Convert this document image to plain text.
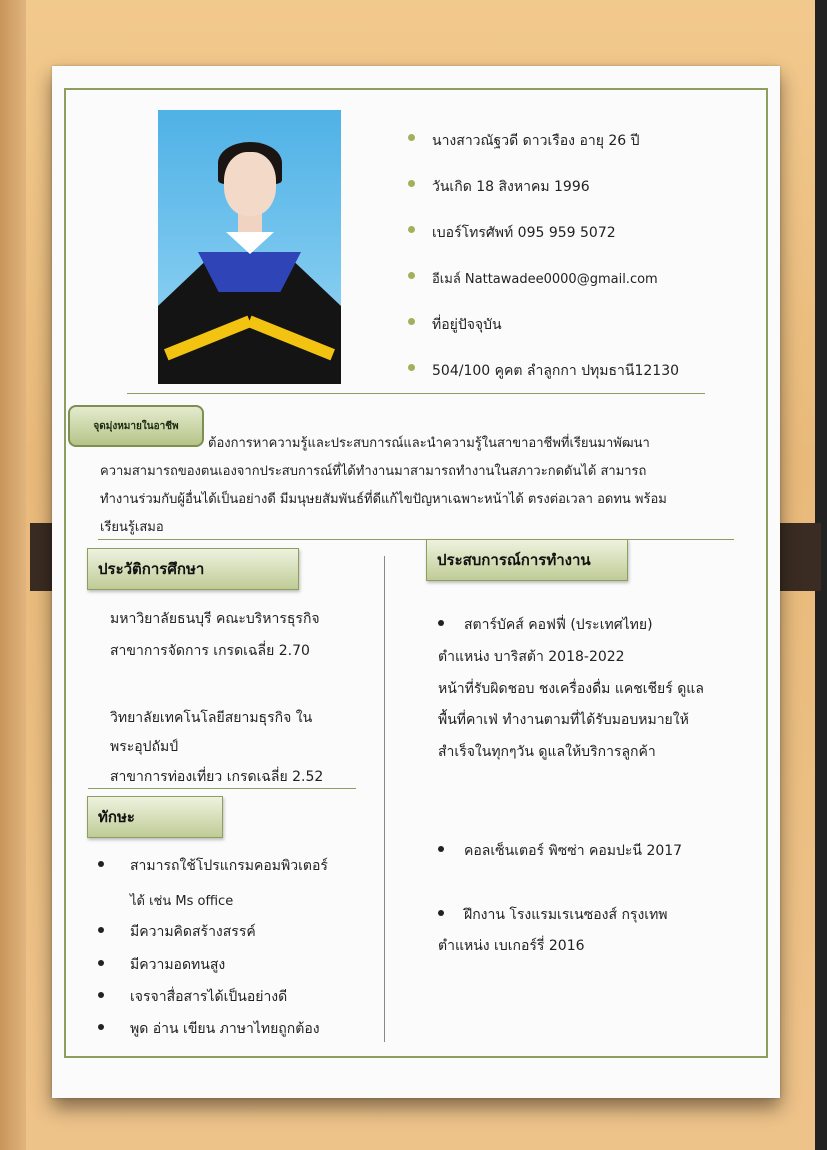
นางสาวณัฐวดี ดาวเรือง อายุ 26 ปี
วันเกิด 18 สิงหาคม 1996
เบอร์โทรศัพท์ 095 959 5072
อีเมล์ Nattawadee0000@gmail.com
ที่อยู่ปัจจุบัน
504/100 คูคต ลำลูกกา ปทุมธานี12130
จุดมุ่งหมายในอาชีพ
ต้องการหาความรู้และประสบการณ์และนำความรู้ในสาขาอาชีพที่เรียนมาพัฒนา
ความสามารถของตนเองจากประสบการณ์ที่ได้ทำงานมาสามารถทำงานในสภาวะกดดันได้ สามารถ
ทำงานร่วมกับผู้อื่นได้เป็นอย่างดี มีมนุษยสัมพันธ์ที่ดีแก้ไขปัญหาเฉพาะหน้าได้ ตรงต่อเวลา อดทน พร้อม
เรียนรู้เสมอ
ประวัติการศึกษา	ประสบการณ์การทำงาน
มหาวิยาลัยธนบุรี คณะบริหารธุรกิจ
สาขาการจัดการ เกรดเฉลี่ย 2.70
วิทยาลัยเทคโนโลยีสยามธุรกิจ ใน
พระอุปถัมป์
สาขาการท่องเที่ยว เกรดเฉลี่ย 2.52
ทักษะ
สามารถใช้โปรแกรมคอมพิวเตอร์
ได้ เช่น Ms office
มีความคิดสร้างสรรค์
มีความอดทนสูง
เจรจาสื่อสารได้เป็นอย่างดี
พูด อ่าน เขียน ภาษาไทยถูกต้อง
สตาร์บัคส์ คอฟฟี่ (ประเทศไทย)
ตำแหน่ง บาริสต้า 2018-2022
หน้าที่รับผิดชอบ ชงเครื่องดื่ม แคชเชียร์ ดูแล
พื้นที่คาเฟ่ ทำงานตามที่ได้รับมอบหมายให้
สำเร็จในทุกๆวัน ดูแลให้บริการลูกค้า
คอลเซ็นเตอร์ พิซซ่า คอมปะนี 2017
ฝึกงาน โรงแรมเรเนซองส์ กรุงเทพ
ตำแหน่ง เบเกอร์รี่ 2016
